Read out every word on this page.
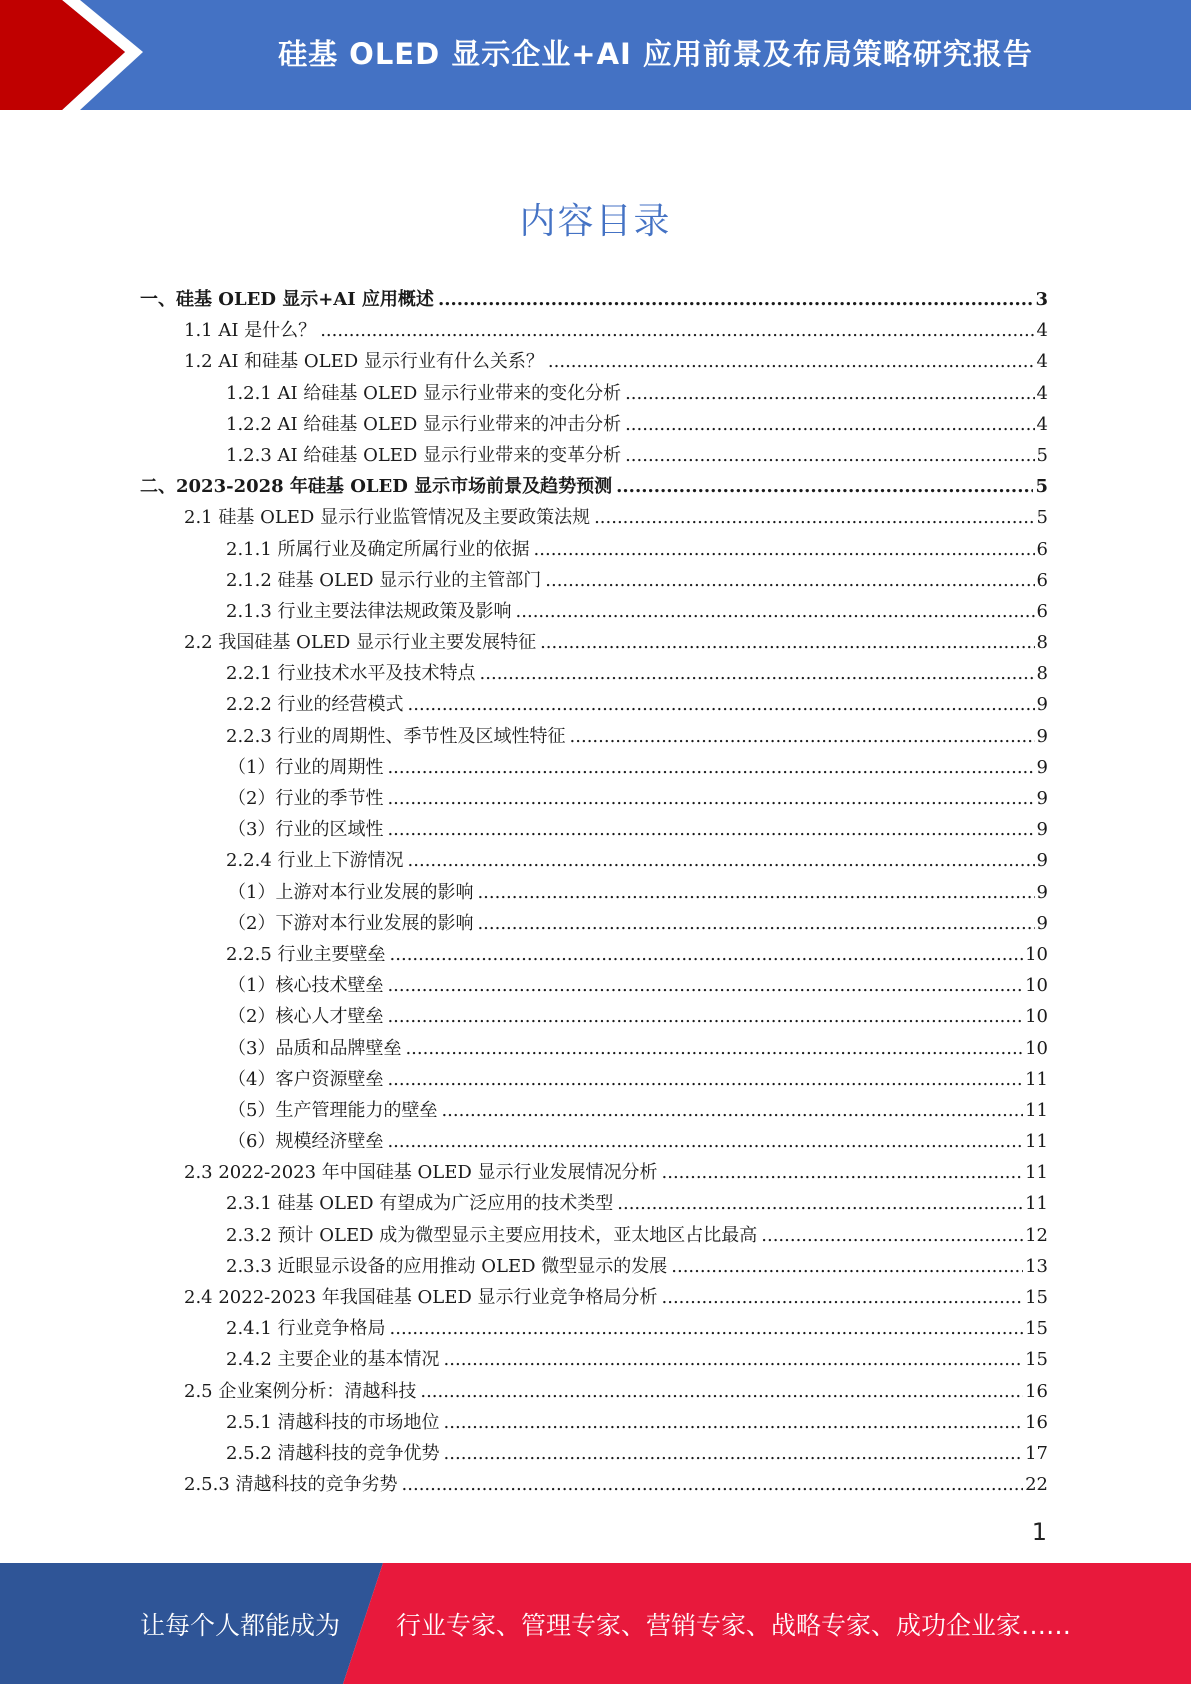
硅基 OLED 显示企业+AI 应用前景及布局策略研究报告
内容目录
一、硅基 OLED 显示+AI 应用概述 .....	3
1.1 AI 是什么？ .....	4
1.2 AI 和硅基 OLED 显示行业有什么关系？ .....	4
1.2.1 AI 给硅基 OLED 显示行业带来的变化分析 .....	4
1.2.2 AI 给硅基 OLED 显示行业带来的冲击分析 .....	4
1.2.3 AI 给硅基 OLED 显示行业带来的变革分析 .....	5
二、2023-2028 年硅基 OLED 显示市场前景及趋势预测 .....	5
2.1 硅基 OLED 显示行业监管情况及主要政策法规 .....	5
2.1.1 所属行业及确定所属行业的依据 .....	6
2.1.2 硅基 OLED 显示行业的主管部门 .....	6
2.1.3 行业主要法律法规政策及影响 .....	6
2.2 我国硅基 OLED 显示行业主要发展特征 .....	8
2.2.1 行业技术水平及技术特点 .....	8
2.2.2 行业的经营模式 .....	9
2.2.3 行业的周期性、季节性及区域性特征 .....	9
（1）行业的周期性 .....	9
（2）行业的季节性 .....	9
（3）行业的区域性 .....	9
2.2.4 行业上下游情况 .....	9
（1）上游对本行业发展的影响 .....	9
（2）下游对本行业发展的影响 .....	9
2.2.5 行业主要壁垒 .....	10
（1）核心技术壁垒 .....	10
（2）核心人才壁垒 .....	10
（3）品质和品牌壁垒 .....	10
（4）客户资源壁垒 .....	11
（5）生产管理能力的壁垒 .....	11
（6）规模经济壁垒 .....	11
2.3 2022-2023 年中国硅基 OLED 显示行业发展情况分析 .....	11
2.3.1 硅基 OLED 有望成为广泛应用的技术类型 .....	11
2.3.2 预计 OLED 成为微型显示主要应用技术，亚太地区占比最高 .....	12
2.3.3 近眼显示设备的应用推动 OLED 微型显示的发展 .....	13
2.4 2022-2023 年我国硅基 OLED 显示行业竞争格局分析 .....	15
2.4.1 行业竞争格局 .....	15
2.4.2 主要企业的基本情况 .....	15
2.5 企业案例分析：清越科技 .....	16
2.5.1 清越科技的市场地位 .....	16
2.5.2 清越科技的竞争优势 .....	17
2.5.3 清越科技的竞争劣势 .....	22
1
让每个人都能成为 行业专家、管理专家、营销专家、战略专家、成功企业家……
